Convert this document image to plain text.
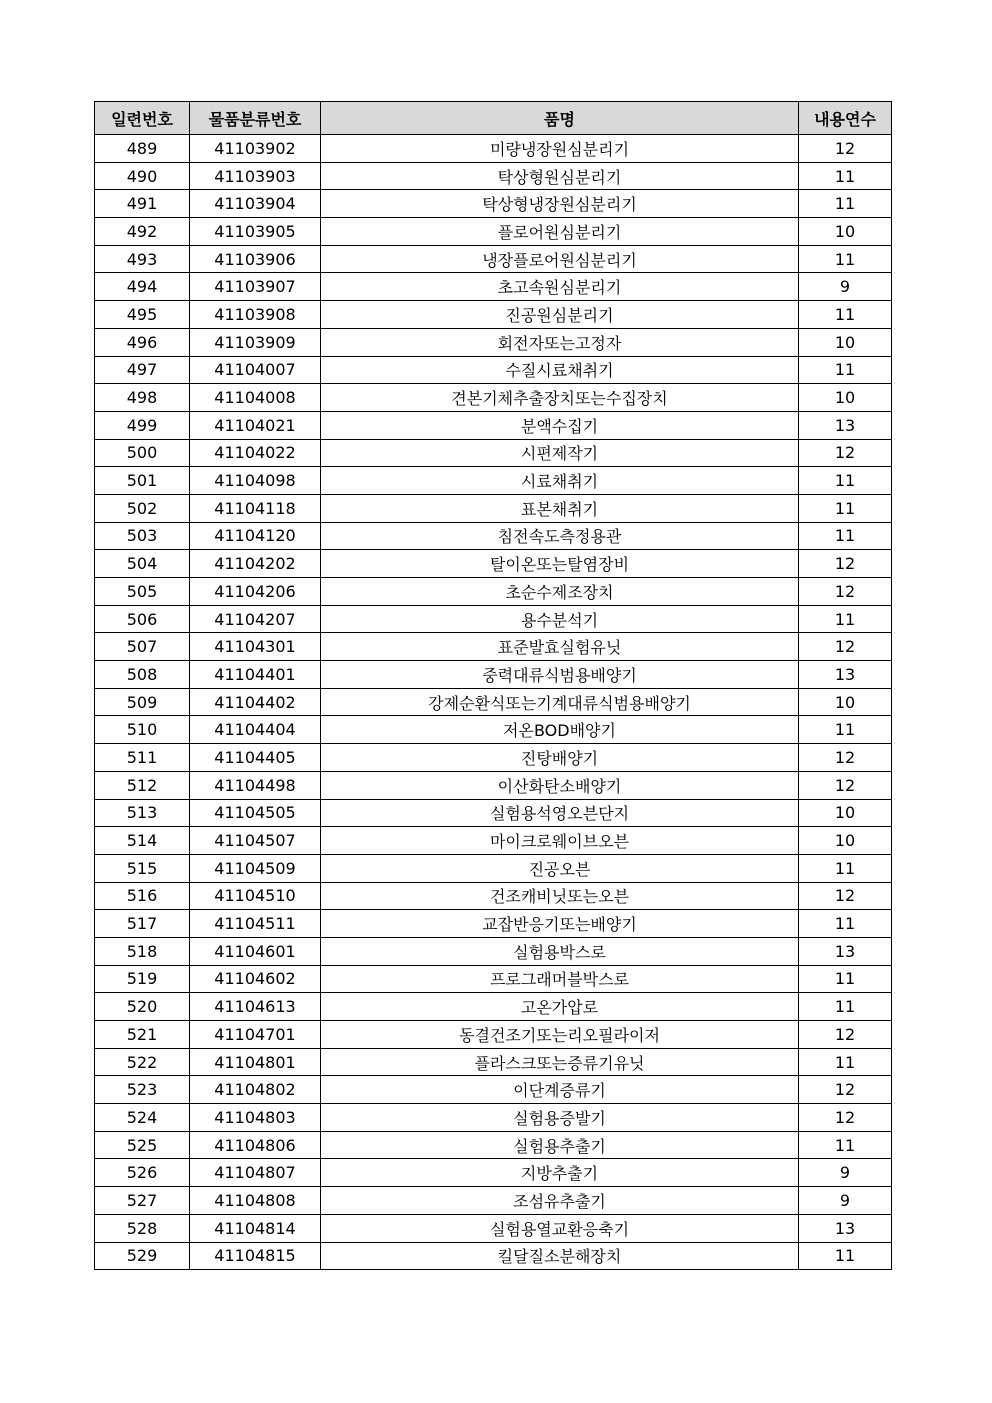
일련번호	물품분류번호	품명	내용연수
489	41103902	미량냉장원심분리기	12
490	41103903	탁상형원심분리기	11
491	41103904	탁상형냉장원심분리기	11
492	41103905	플로어원심분리기	10
493	41103906	냉장플로어원심분리기	11
494	41103907	초고속원심분리기	9
495	41103908	진공원심분리기	11
496	41103909	회전자또는고정자	10
497	41104007	수질시료채취기	11
498	41104008	견본기체추출장치또는수집장치	10
499	41104021	분액수집기	13
500	41104022	시편제작기	12
501	41104098	시료채취기	11
502	41104118	표본채취기	11
503	41104120	침전속도측정용관	11
504	41104202	탈이온또는탈염장비	12
505	41104206	초순수제조장치	12
506	41104207	용수분석기	11
507	41104301	표준발효실험유닛	12
508	41104401	중력대류식범용배양기	13
509	41104402	강제순환식또는기계대류식범용배양기	10
510	41104404	저온BOD배양기	11
511	41104405	진탕배양기	12
512	41104498	이산화탄소배양기	12
513	41104505	실험용석영오븐단지	10
514	41104507	마이크로웨이브오븐	10
515	41104509	진공오븐	11
516	41104510	건조캐비닛또는오븐	12
517	41104511	교잡반응기또는배양기	11
518	41104601	실험용박스로	13
519	41104602	프로그래머블박스로	11
520	41104613	고온가압로	11
521	41104701	동결건조기또는리오필라이저	12
522	41104801	플라스크또는증류기유닛	11
523	41104802	이단계증류기	12
524	41104803	실험용증발기	12
525	41104806	실험용추출기	11
526	41104807	지방추출기	9
527	41104808	조섬유추출기	9
528	41104814	실험용열교환응축기	13
529	41104815	킬달질소분해장치	11
